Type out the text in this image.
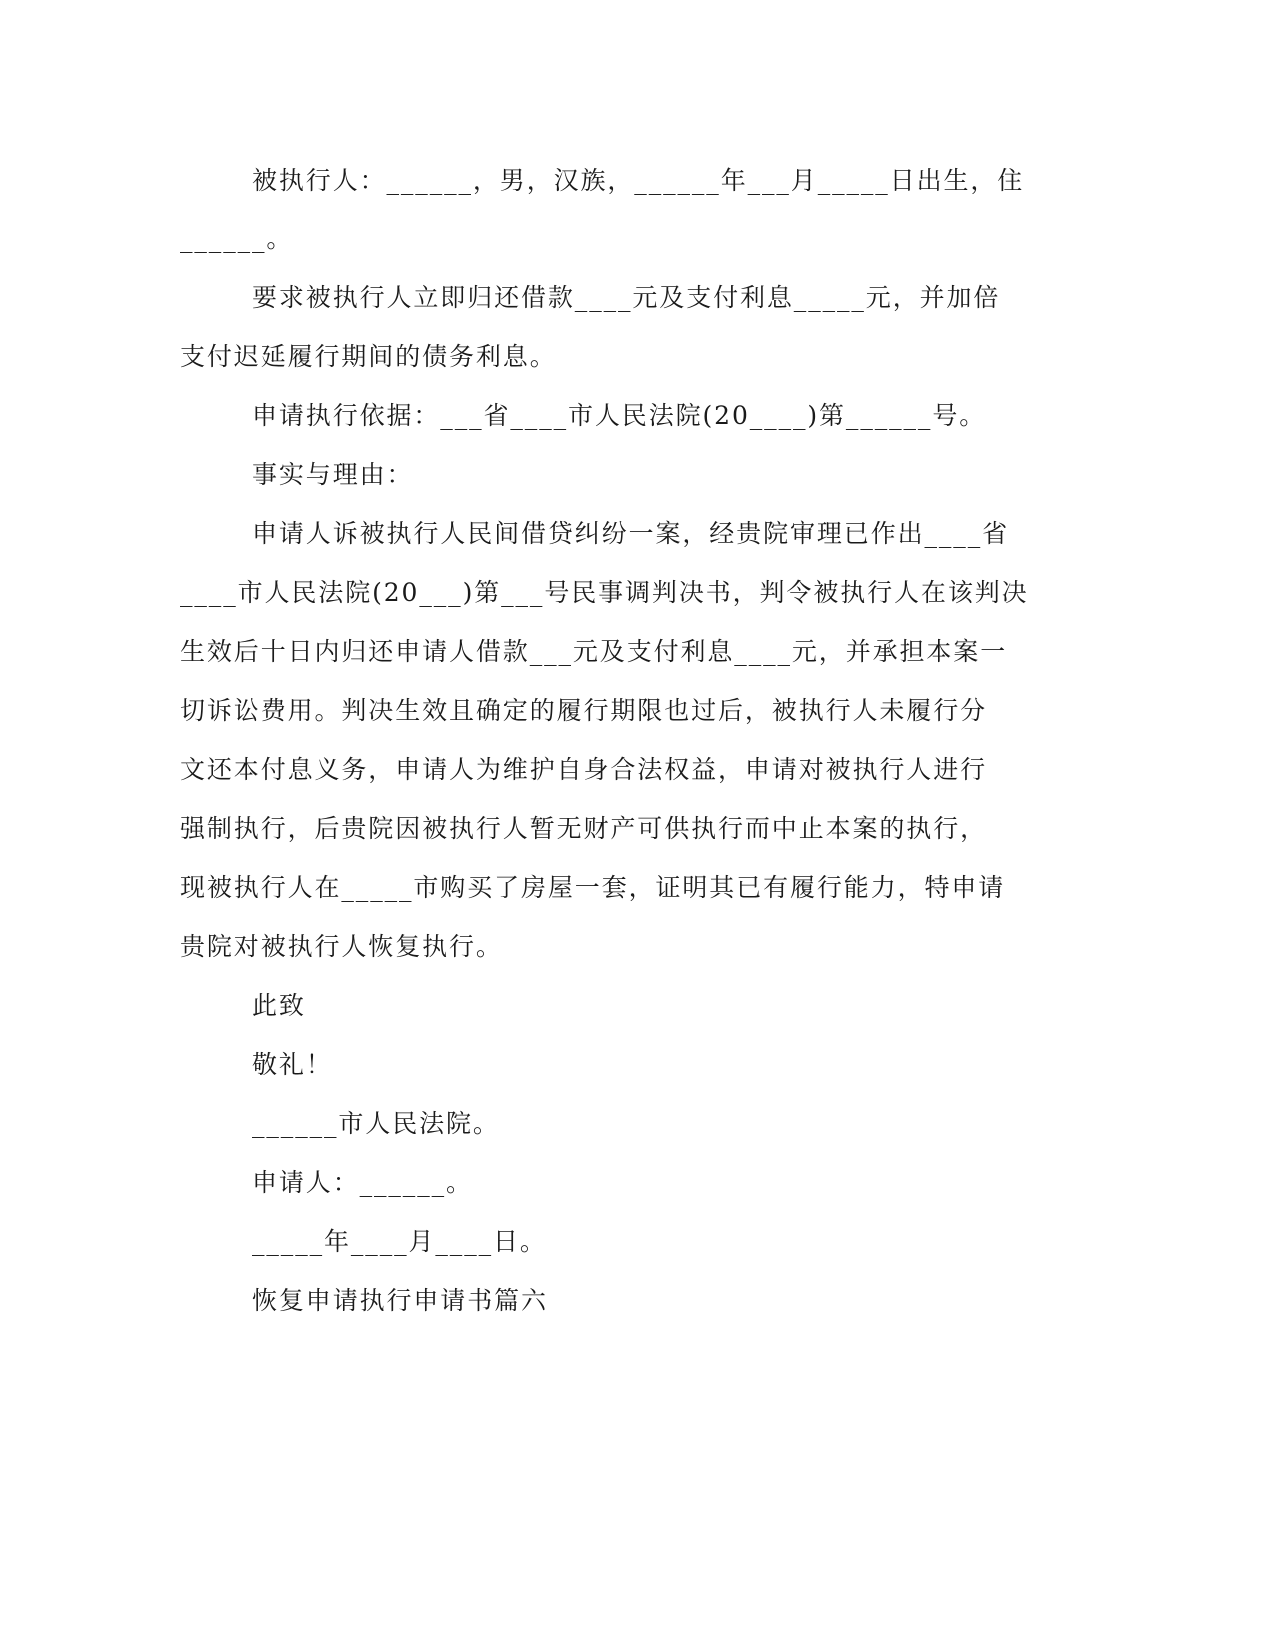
被执行人：______，男，汉族，______年___月_____日出生，住

______。

要求被执行人立即归还借款____元及支付利息_____元，并加倍

支付迟延履行期间的债务利息。

申请执行依据：___省____市人民法院(20____)第______号。

事实与理由：

申请人诉被执行人民间借贷纠纷一案，经贵院审理已作出____省

____市人民法院(20___)第___号民事调判决书，判令被执行人在该判决

生效后十日内归还申请人借款___元及支付利息____元，并承担本案一

切诉讼费用。判决生效且确定的履行期限也过后，被执行人未履行分

文还本付息义务，申请人为维护自身合法权益，申请对被执行人进行

强制执行，后贵院因被执行人暂无财产可供执行而中止本案的执行，

现被执行人在_____市购买了房屋一套，证明其已有履行能力，特申请

贵院对被执行人恢复执行。

此致

敬礼！

______市人民法院。

申请人：______。

_____年____月____日。

恢复申请执行申请书篇六
